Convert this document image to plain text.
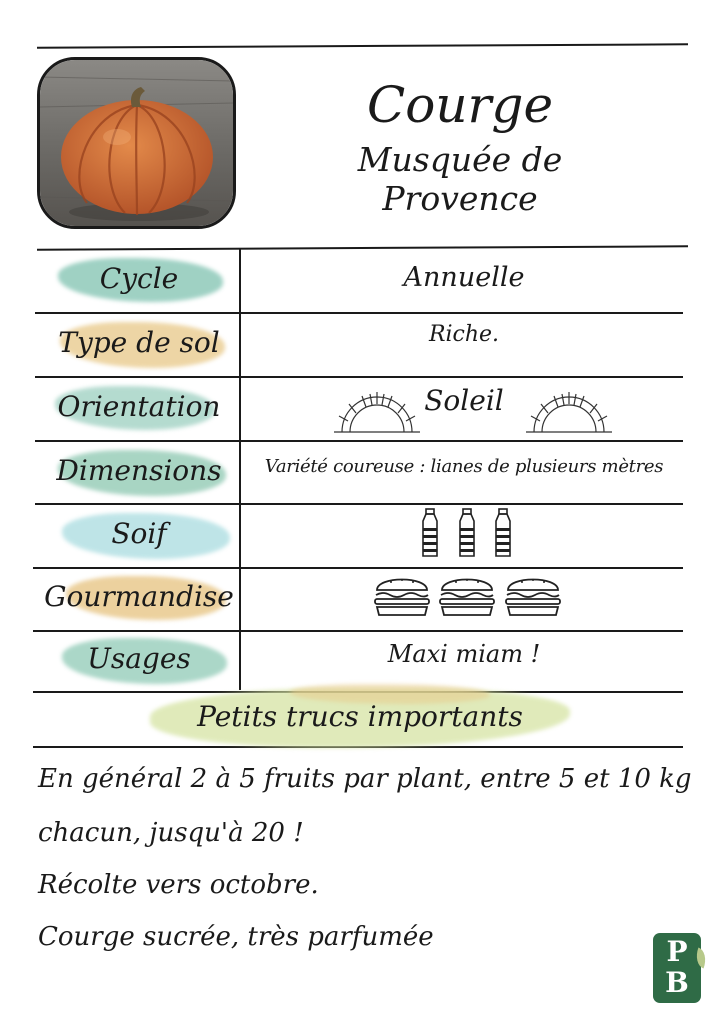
Courge
Musquée de Provence
Cycle
Type de sol
Orientation
Dimensions
Soif
Gourmandise
Usages
Annuelle
Riche.
Soleil
Variété coureuse : lianes de plusieurs mètres
Maxi miam !
Petits trucs importants
En général 2 à 5 fruits par plant, entre 5 et 10 kg
chacun, jusqu'à 20 !
Récolte vers octobre.
Courge sucrée, très parfumée	P
B
